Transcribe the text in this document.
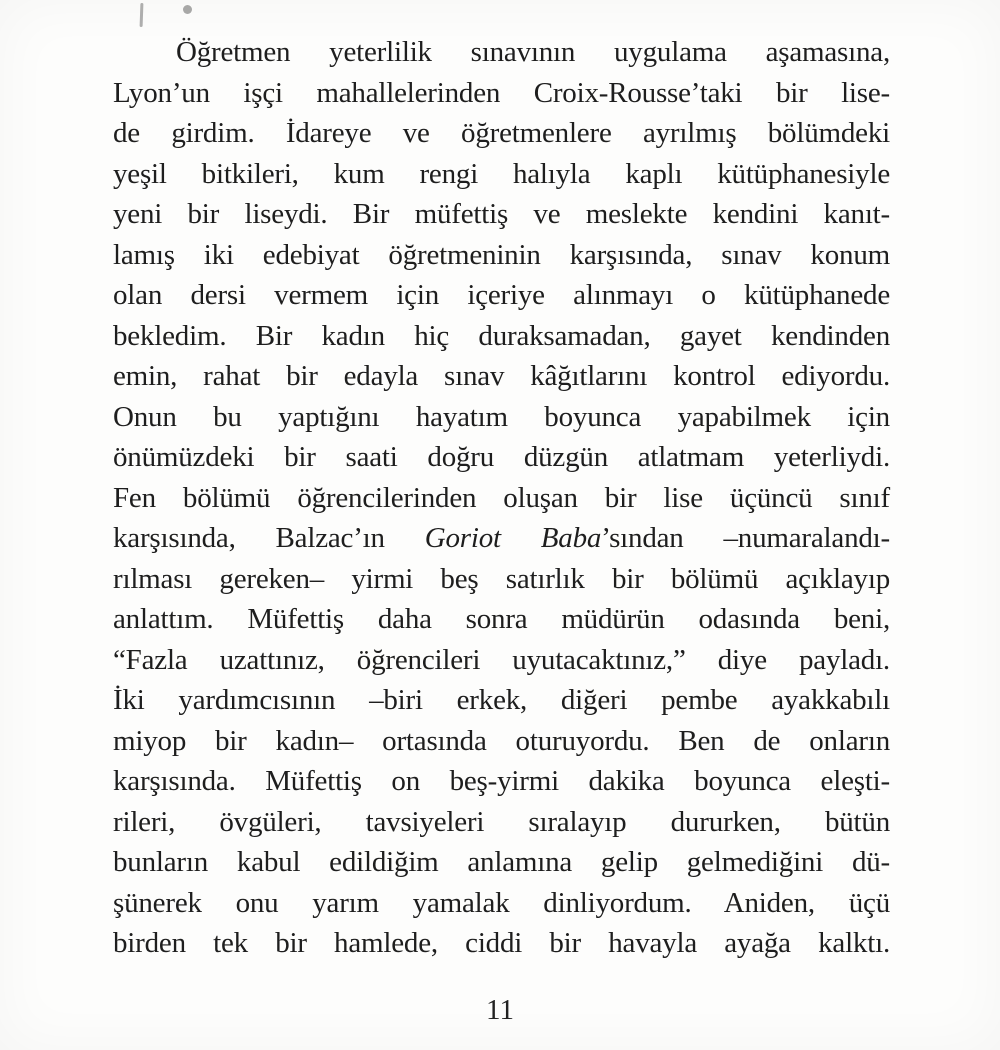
Öğretmen yeterlilik sınavının uygulama aşamasına,
Lyon’un işçi mahallelerinden Croix-Rousse’taki bir lise-
de girdim. İdareye ve öğretmenlere ayrılmış bölümdeki
yeşil bitkileri, kum rengi halıyla kaplı kütüphanesiyle
yeni bir liseydi. Bir müfettiş ve meslekte kendini kanıt-
lamış iki edebiyat öğretmeninin karşısında, sınav konum
olan dersi vermem için içeriye alınmayı o kütüphanede
bekledim. Bir kadın hiç duraksamadan, gayet kendinden
emin, rahat bir edayla sınav kâğıtlarını kontrol ediyordu.
Onun bu yaptığını hayatım boyunca yapabilmek için
önümüzdeki bir saati doğru düzgün atlatmam yeterliydi.
Fen bölümü öğrencilerinden oluşan bir lise üçüncü sınıf
karşısında, Balzac’ın Goriot Baba’sından –numaralandı-
rılması gereken– yirmi beş satırlık bir bölümü açıklayıp
anlattım. Müfettiş daha sonra müdürün odasında beni,
“Fazla uzattınız, öğrencileri uyutacaktınız,” diye payladı.
İki yardımcısının –biri erkek, diğeri pembe ayakkabılı
miyop bir kadın– ortasında oturuyordu. Ben de onların
karşısında. Müfettiş on beş-yirmi dakika boyunca eleşti-
rileri, övgüleri, tavsiyeleri sıralayıp dururken, bütün
bunların kabul edildiğim anlamına gelip gelmediğini dü-
şünerek onu yarım yamalak dinliyordum. Aniden, üçü
birden tek bir hamlede, ciddi bir havayla ayağa kalktı.
11
